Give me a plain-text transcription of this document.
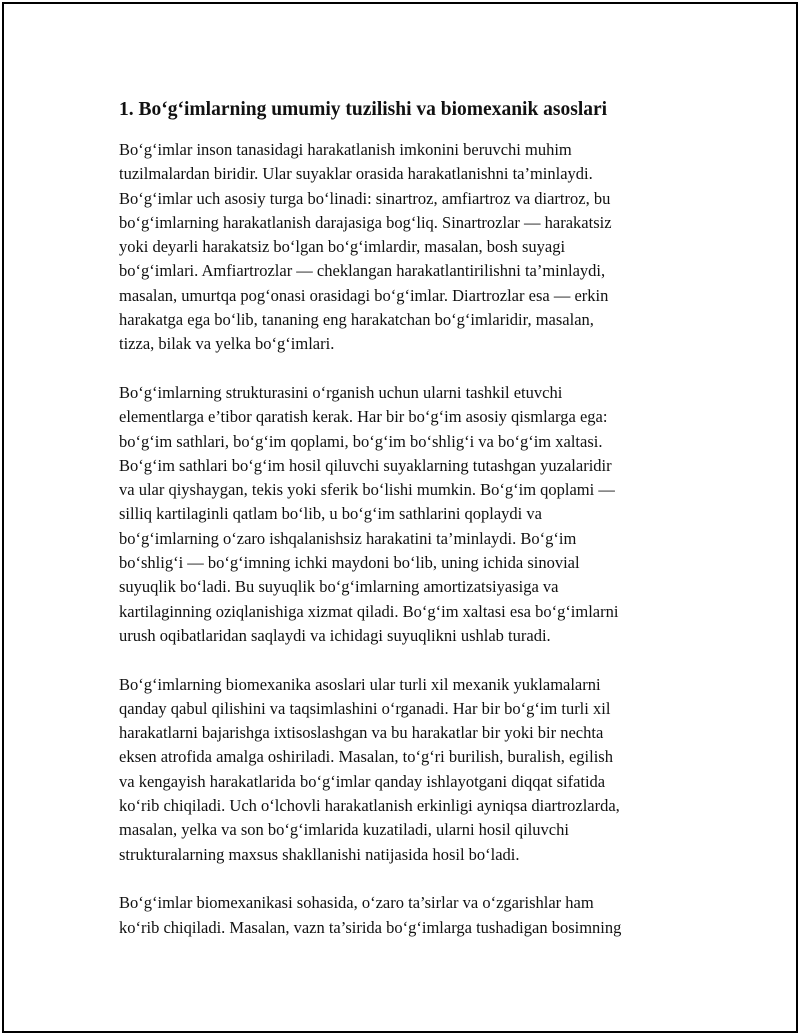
1. Bo‘g‘imlarning umumiy tuzilishi va biomexanik asoslari

Bo‘g‘imlar inson tanasidagi harakatlanish imkonini beruvchi muhim
tuzilmalardan biridir. Ular suyaklar orasida harakatlanishni ta’minlaydi.
Bo‘g‘imlar uch asosiy turga bo‘linadi: sinartroz, amfiartroz va diartroz, bu
bo‘g‘imlarning harakatlanish darajasiga bog‘liq. Sinartrozlar — harakatsiz
yoki deyarli harakatsiz bo‘lgan bo‘g‘imlardir, masalan, bosh suyagi
bo‘g‘imlari. Amfiartrozlar — cheklangan harakatlantirilishni ta’minlaydi,
masalan, umurtqa pog‘onasi orasidagi bo‘g‘imlar. Diartrozlar esa — erkin
harakatga ega bo‘lib, tananing eng harakatchan bo‘g‘imlaridir, masalan,
tizza, bilak va yelka bo‘g‘imlari.

Bo‘g‘imlarning strukturasini o‘rganish uchun ularni tashkil etuvchi
elementlarga e’tibor qaratish kerak. Har bir bo‘g‘im asosiy qismlarga ega:
bo‘g‘im sathlari, bo‘g‘im qoplami, bo‘g‘im bo‘shlig‘i va bo‘g‘im xaltasi.
Bo‘g‘im sathlari bo‘g‘im hosil qiluvchi suyaklarning tutashgan yuzalaridir
va ular qiyshaygan, tekis yoki sferik bo‘lishi mumkin. Bo‘g‘im qoplami —
silliq kartilaginli qatlam bo‘lib, u bo‘g‘im sathlarini qoplaydi va
bo‘g‘imlarning o‘zaro ishqalanishsiz harakatini ta’minlaydi. Bo‘g‘im
bo‘shlig‘i — bo‘g‘imning ichki maydoni bo‘lib, uning ichida sinovial
suyuqlik bo‘ladi. Bu suyuqlik bo‘g‘imlarning amortizatsiyasiga va
kartilaginning oziqlanishiga xizmat qiladi. Bo‘g‘im xaltasi esa bo‘g‘imlarni
urush oqibatlaridan saqlaydi va ichidagi suyuqlikni ushlab turadi.

Bo‘g‘imlarning biomexanika asoslari ular turli xil mexanik yuklamalarni
qanday qabul qilishini va taqsimlashini o‘rganadi. Har bir bo‘g‘im turli xil
harakatlarni bajarishga ixtisoslashgan va bu harakatlar bir yoki bir nechta
eksen atrofida amalga oshiriladi. Masalan, to‘g‘ri burilish, buralish, egilish
va kengayish harakatlarida bo‘g‘imlar qanday ishlayotgani diqqat sifatida
ko‘rib chiqiladi. Uch o‘lchovli harakatlanish erkinligi ayniqsa diartrozlarda,
masalan, yelka va son bo‘g‘imlarida kuzatiladi, ularni hosil qiluvchi
strukturalarning maxsus shakllanishi natijasida hosil bo‘ladi.

Bo‘g‘imlar biomexanikasi sohasida, o‘zaro ta’sirlar va o‘zgarishlar ham
ko‘rib chiqiladi. Masalan, vazn ta’sirida bo‘g‘imlarga tushadigan bosimning
